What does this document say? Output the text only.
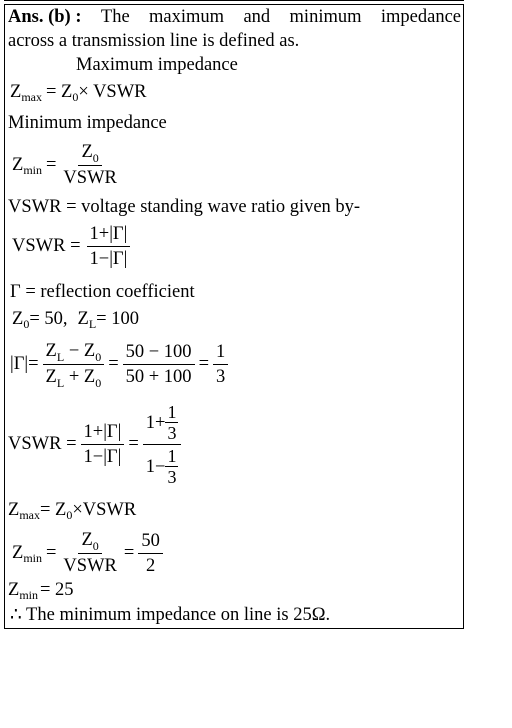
Ans. (b) : The maximum and minimum impedance
across a transmission line is defined as.
Maximum impedance
Z max = Z 0 × VSWR
Minimum impedance
Z $\min = \frac{Z_0}{\text{VSWR}}$
VSWR = voltage standing wave ratio given by-
VSWR = $\frac{1+|\Gamma|}{1-|\Gamma|}$
Γ = reflection coefficient
Z 0 = 50, Z L = 100
$|\Gamma|= \frac{Z_L - Z_0}{Z_L + Z_0} = \frac{50 - 100}{50 + 100} = \frac{1}{3}$
VSWR = $\frac{1+|\Gamma|}{1-|\Gamma|} = \frac{1+ \frac{1}{3}}{1- \frac{1}{3}}$
Z max = Z 0 ×VSWR
Z $\min = \frac{Z_0}{\text{VSWR}} = \frac{50}{2}$
Z min = 25
∴ The minimum impedance on line is 25Ω.
